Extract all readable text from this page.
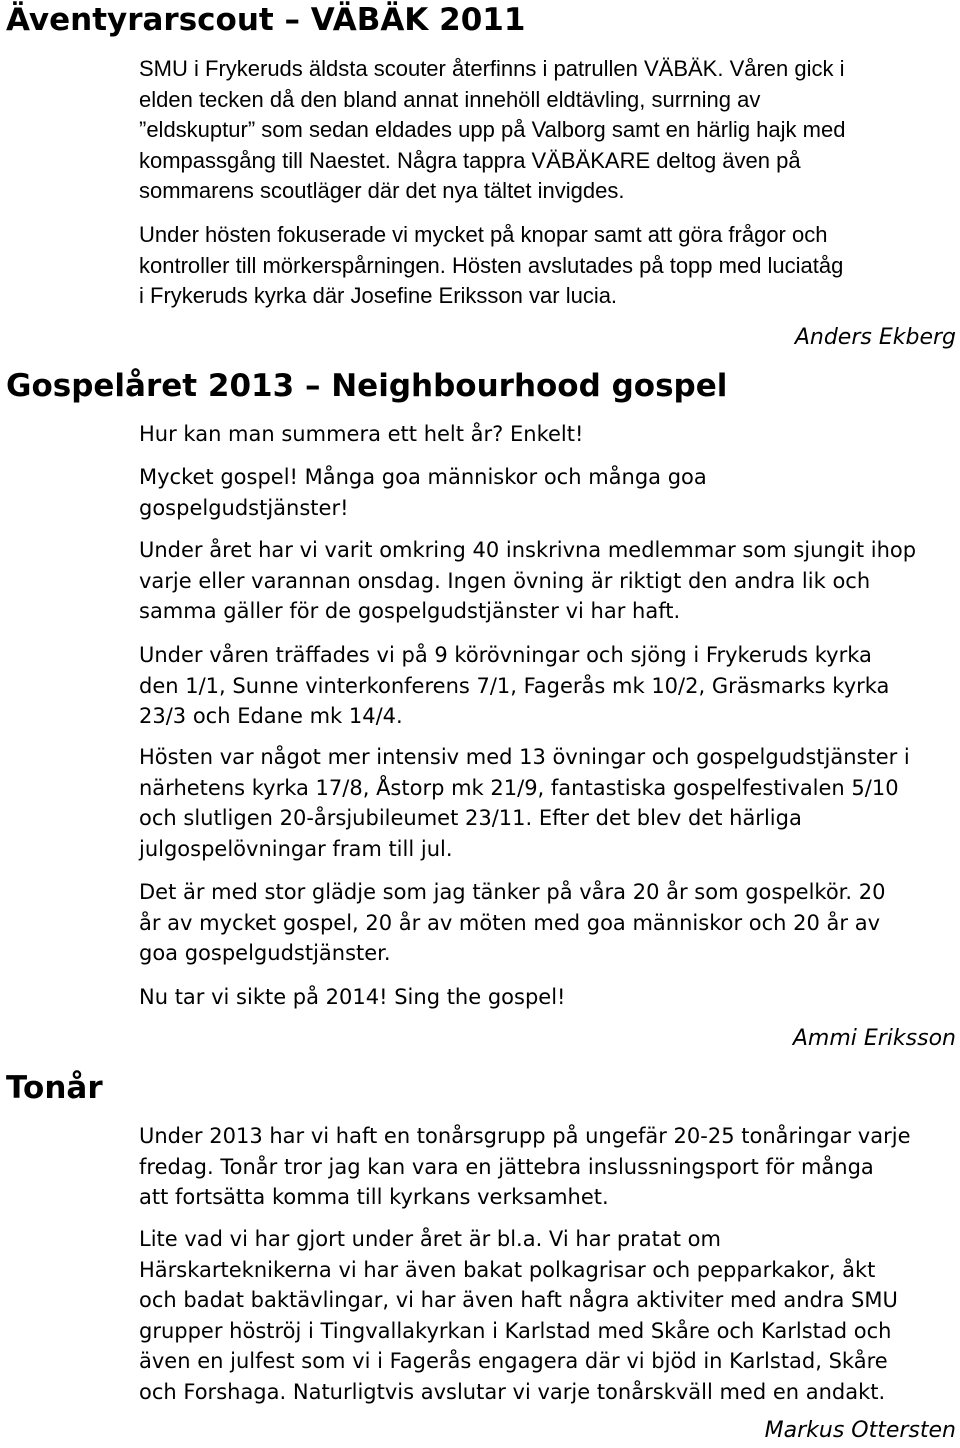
Äventyrarscout – VÄBÄK 2011

SMU i Frykeruds äldsta scouter återfinns i patrullen VÄBÄK. Våren gick i
elden tecken då den bland annat innehöll eldtävling, surrning av
”eldskuptur” som sedan eldades upp på Valborg samt en härlig hajk med
kompassgång till Naestet. Några tappra VÄBÄKARE deltog även på
sommarens scoutläger där det nya tältet invigdes.

Under hösten fokuserade vi mycket på knopar samt att göra frågor och
kontroller till mörkerspårningen. Hösten avslutades på topp med luciatåg
i Frykeruds kyrka där Josefine Eriksson var lucia.

Anders Ekberg

Gospelåret 2013 – Neighbourhood gospel

Hur kan man summera ett helt år? Enkelt!

Mycket gospel! Många goa människor och många goa
gospelgudstjänster!

Under året har vi varit omkring 40 inskrivna medlemmar som sjungit ihop
varje eller varannan onsdag. Ingen övning är riktigt den andra lik och
samma gäller för de gospelgudstjänster vi har haft.

Under våren träffades vi på 9 körövningar och sjöng i Frykeruds kyrka
den 1/1, Sunne vinterkonferens 7/1, Fagerås mk 10/2, Gräsmarks kyrka
23/3 och Edane mk 14/4.

Hösten var något mer intensiv med 13 övningar och gospelgudstjänster i
närhetens kyrka 17/8, Åstorp mk 21/9, fantastiska gospelfestivalen 5/10
och slutligen 20-årsjubileumet 23/11. Efter det blev det härliga
julgospelövningar fram till jul.

Det är med stor glädje som jag tänker på våra 20 år som gospelkör. 20
år av mycket gospel, 20 år av möten med goa människor och 20 år av
goa gospelgudstjänster.

Nu tar vi sikte på 2014! Sing the gospel!

Ammi Eriksson

Tonår

Under 2013 har vi haft en tonårsgrupp på ungefär 20-25 tonåringar varje
fredag. Tonår tror jag kan vara en jättebra inslussningsport för många
att fortsätta komma till kyrkans verksamhet.

Lite vad vi har gjort under året är bl.a. Vi har pratat om
Härskarteknikerna vi har även bakat polkagrisar och pepparkakor, åkt
och badat baktävlingar, vi har även haft några aktiviter med andra SMU
grupper höströj i Tingvallakyrkan i Karlstad med Skåre och Karlstad och
även en julfest som vi i Fagerås engagera där vi bjöd in Karlstad, Skåre
och Forshaga. Naturligtvis avslutar vi varje tonårskväll med en andakt.

Markus Ottersten
